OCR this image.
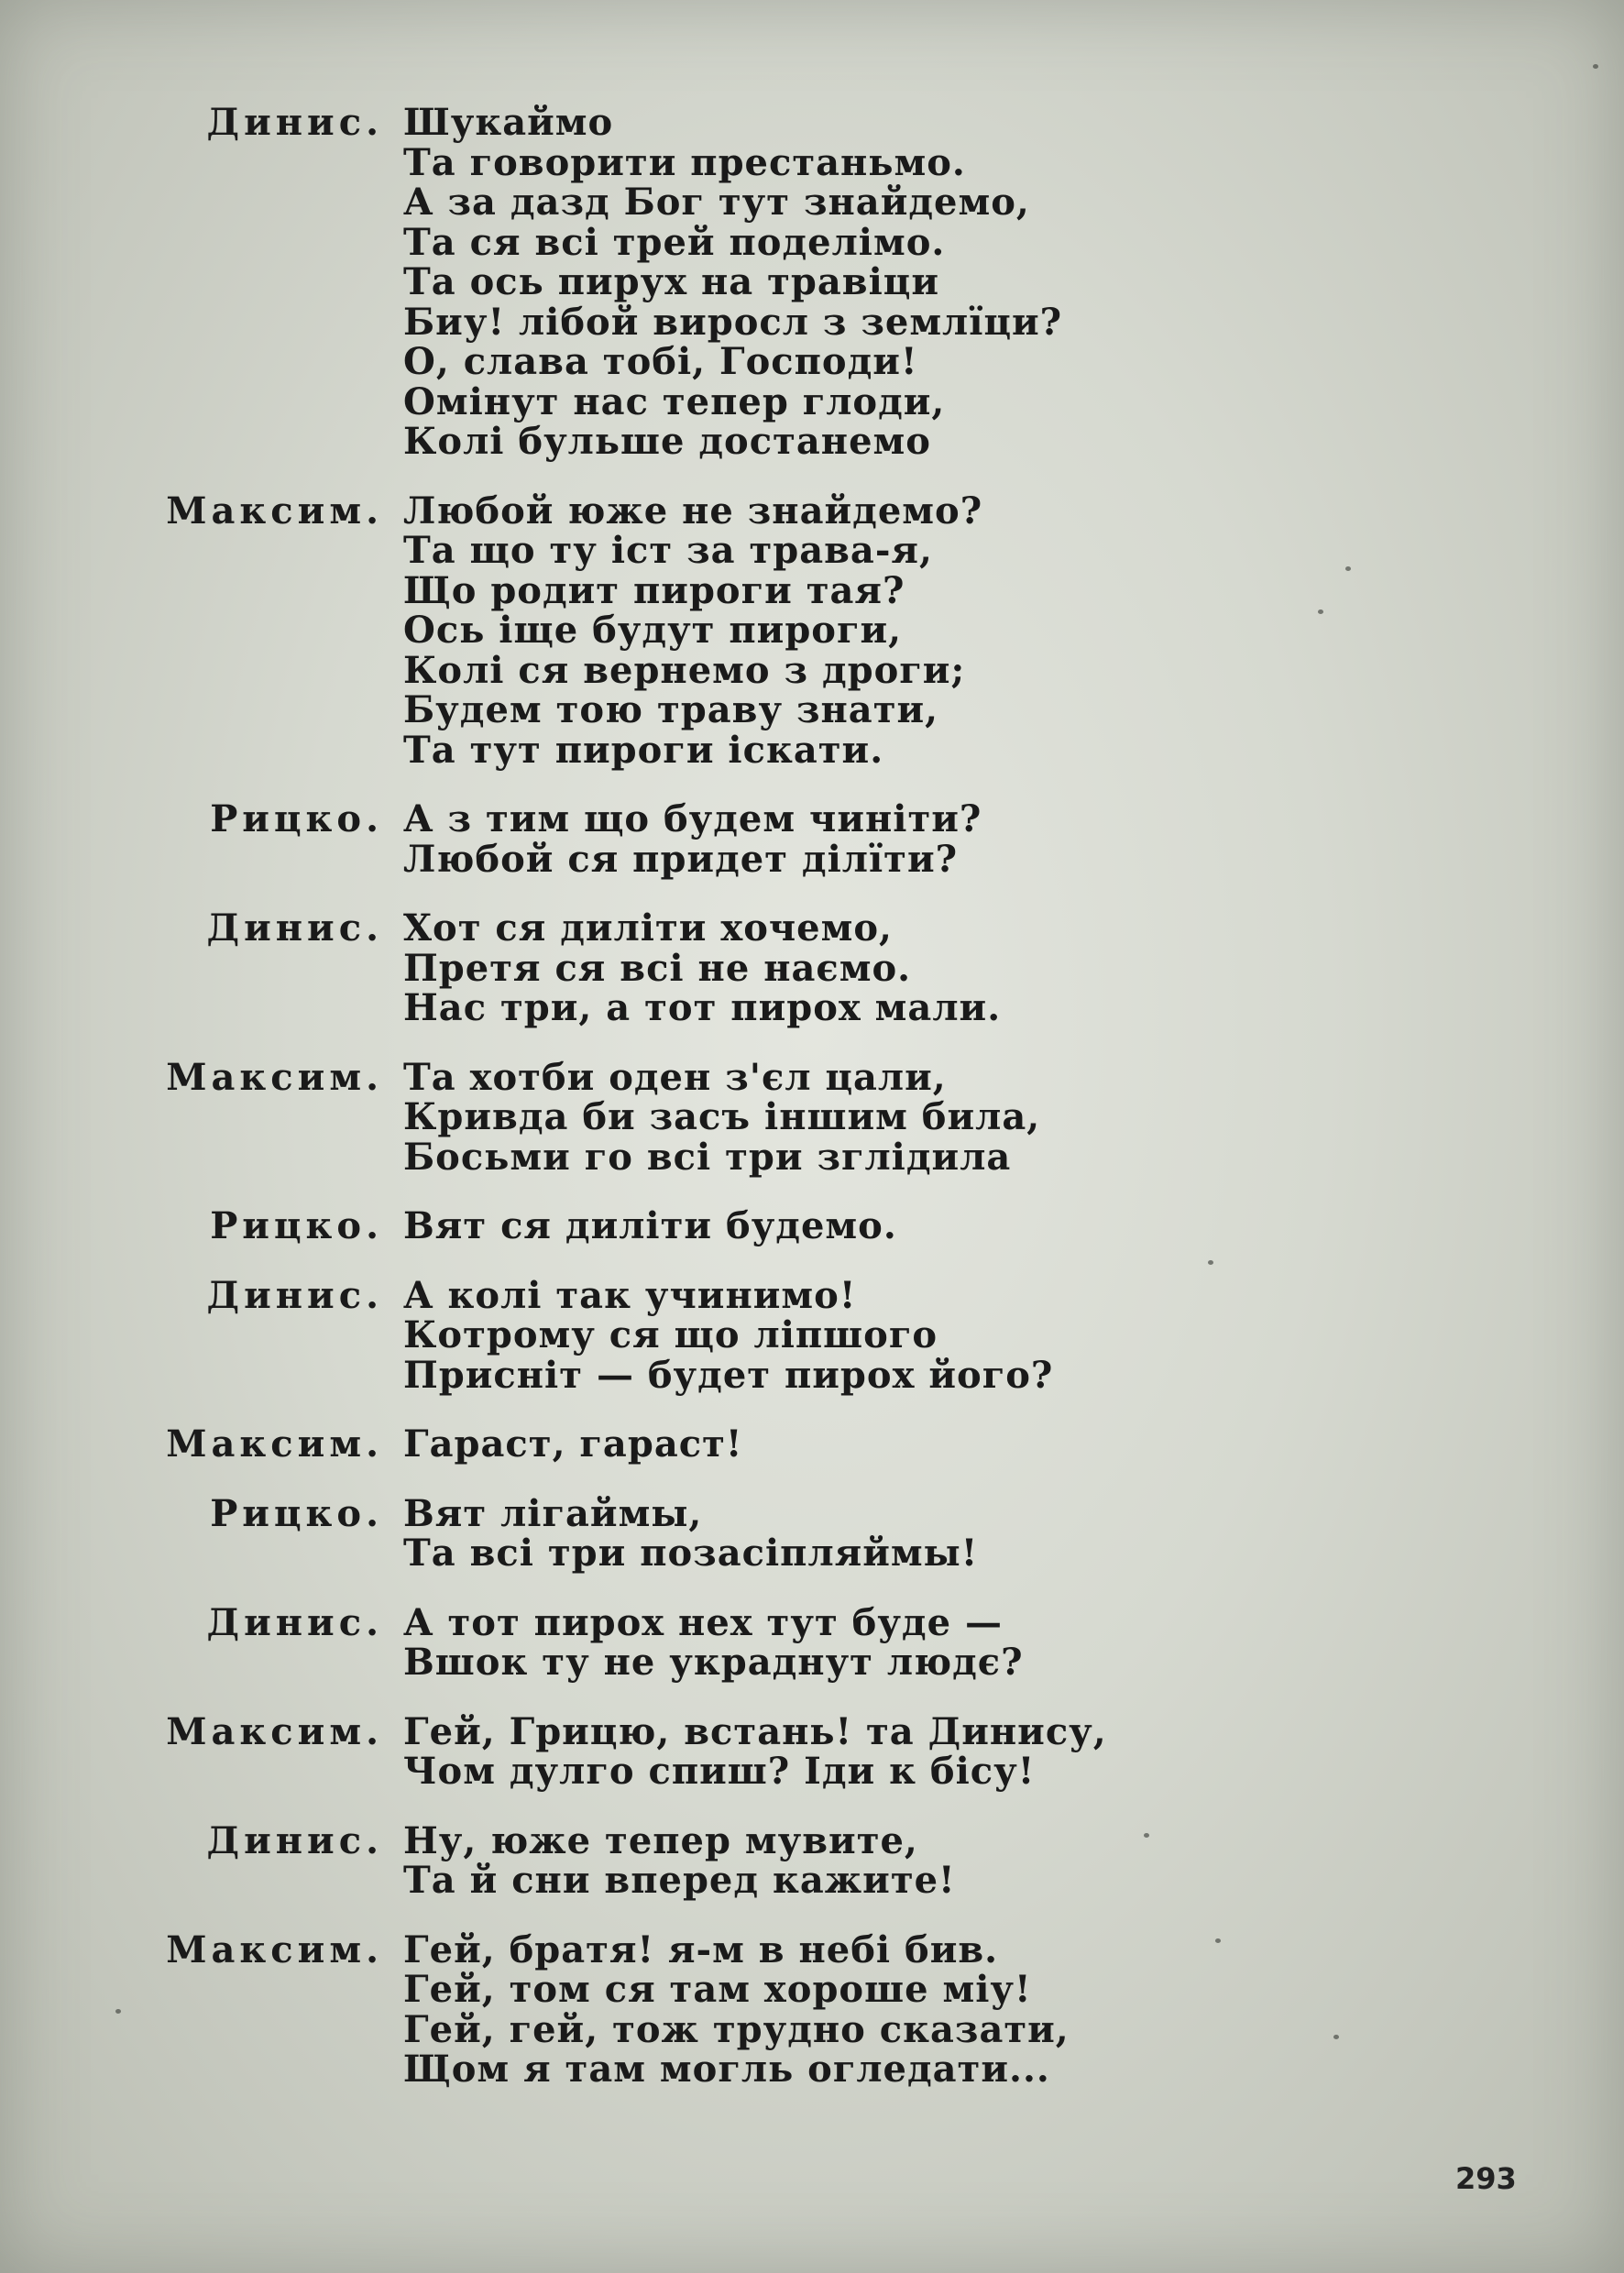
Динис. Шукаймо
Та говорити престаньмо.
А за дазд Бог тут знайдемо,
Та ся всі трей поделімо.
Та ось пирух на травіци
Биу! лібой виросл з землїци?
О, слава тобі, Господи!
Омінут нас тепер глоди,
Колі бульше достанемо
Максим. Любой юже не знайдемо?
Та що ту іст за трава-я,
Що родит пироги тая?
Ось іще будут пироги,
Колі ся вернемо з дроги;
Будем тою траву знати,
Та тут пироги іскати.
Рицко. А з тим що будем чиніти?
Любой ся придет ділїти?
Динис. Хот ся диліти хочемо,
Претя ся всі не наємо.
Нас три, а тот пирох мали.
Максим. Та хотби оден з'єл цали,
Кривда би засъ іншим била,
Босьми го всі три зглідила
Рицко. Вят ся диліти будемо.
Динис. А колі так учинимо!
Котрому ся що ліпшого
Присніт — будет пирох його?
Максим. Гараст, гараст!
Рицко. Вят лігаймы,
Та всі три позасіпляймы!
Динис. А тот пирох нех тут буде —
Вшок ту не украднут людє?
Максим. Гей, Грицю, встань! та Динису,
Чом дулго спиш? Іди к бісу!
Динис. Ну, юже тепер мувите,
Та й сни вперед кажите!
Максим. Гей, братя! я-м в небі бив.
Гей, том ся там хороше міу!
Гей, гей, тож трудно сказати,
Щом я там могль огледати...
293
